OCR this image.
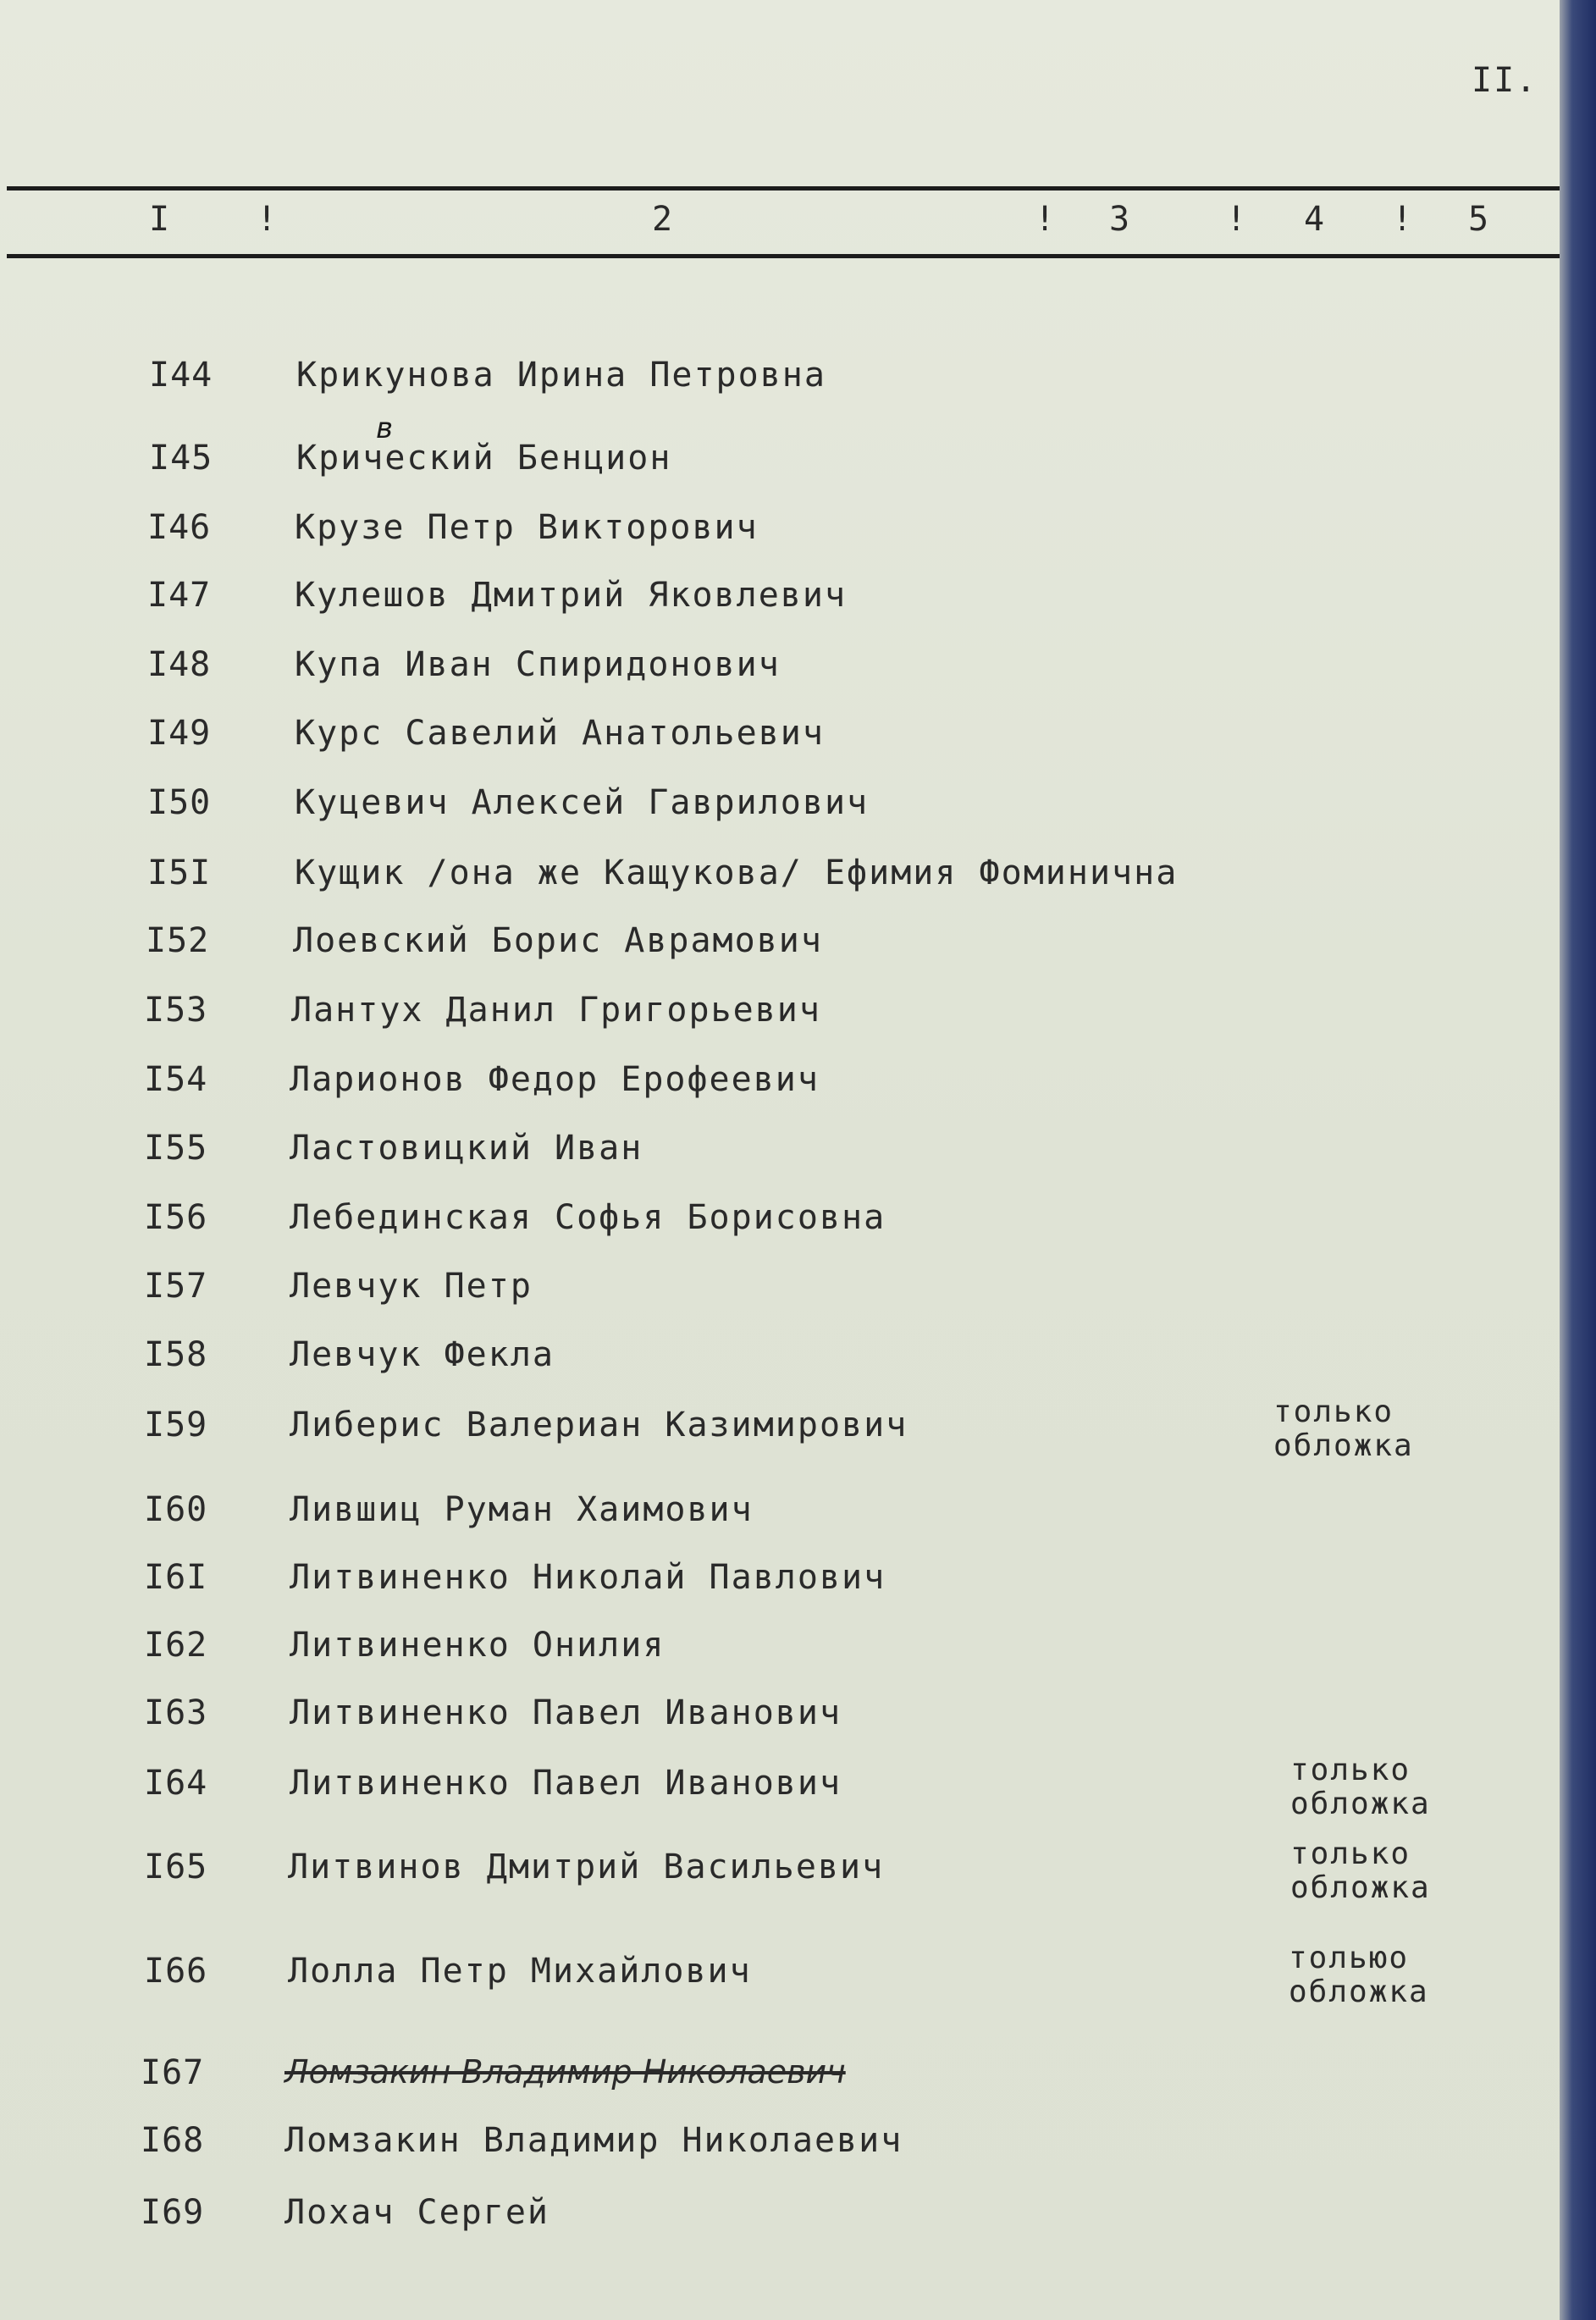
II.
I	!	2	! 3	! 4 ! 5
I44 Крикунова Ирина Петровна
I45 Крический Бенцион
в
I46 Крузе Петр Викторович
I47 Кулешов Дмитрий Яковлевич
I48 Купа Иван Спиридонович
I49 Курс Савелий Анатольевич
I50 Куцевич Алексей Гаврилович
I5I Кущик /она же Кащукова/ Ефимия Фоминична
I52 Лоевский Борис Аврамович
I53 Лантух Данил Григорьевич
I54 Ларионов Федор Ерофеевич
I55 Ластовицкий Иван
I56 Лебединская Софья Борисовна
I57 Левчук Петр
I58 Левчук Фекла
I59 Либерис Валериан Казимирович	только
обложка
I60 Лившиц Руман Хаимович
I6I Литвиненко Николай Павлович
I62 Литвиненко Онилия
I63 Литвиненко Павел Иванович
I64 Литвиненко Павел Иванович	только
обложка
I65 Литвинов Дмитрий Васильевич	только
обложка
I66 Лолла Петр Михайлович	тольюо
обложка
I67 Ломзакин Владимир Николаевич
I68 Ломзакин Владимир Николаевич
I69 Лохач Сергей
